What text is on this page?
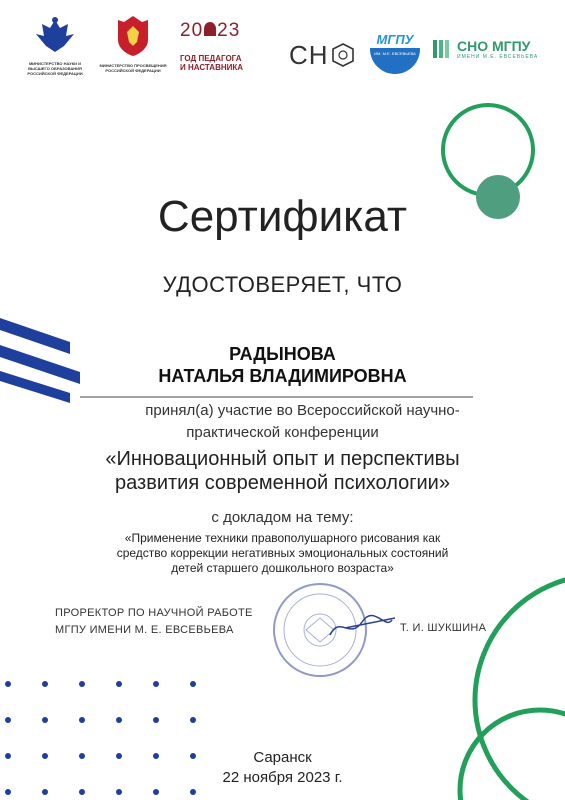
МИНИСТЕРСТВО НАУКИ И ВЫСШЕГО ОБРАЗОВАНИЯ РОССИЙСКОЙ ФЕДЕРАЦИИ
МИНИСТЕРСТВО ПРОСВЕЩЕНИЯ РОССИЙСКОЙ ФЕДЕРАЦИИ
20 23
ГОД ПЕДАГОГА
И НАСТАВНИКА СН	МГПУ
ИМ. М.Е. ЕВСЕВЬЕВА	СНО МГПУ
ИМЕНИ М.Е. ЕВСЕВЬЕВА
Сертификат
УДОСТОВЕРЯЕТ, ЧТО
РАДЫНОВА
НАТАЛЬЯ ВЛАДИМИРОВНА
принял(а) участие во Всероссийской научно-
практической конференции
«Инновационный опыт и перспективы
развития современной психологии»
с докладом на тему:
«Применение техники правополушарного рисования как
средство коррекции негативных эмоциональных состояний
детей старшего дошкольного возраста»
ПРОРЕКТОР ПО НАУЧНОЙ РАБОТЕ
МГПУ ИМЕНИ М. Е. ЕВСЕВЬЕВА	Т. И. ШУКШИНА
Саранск
22 ноября 2023 г.
